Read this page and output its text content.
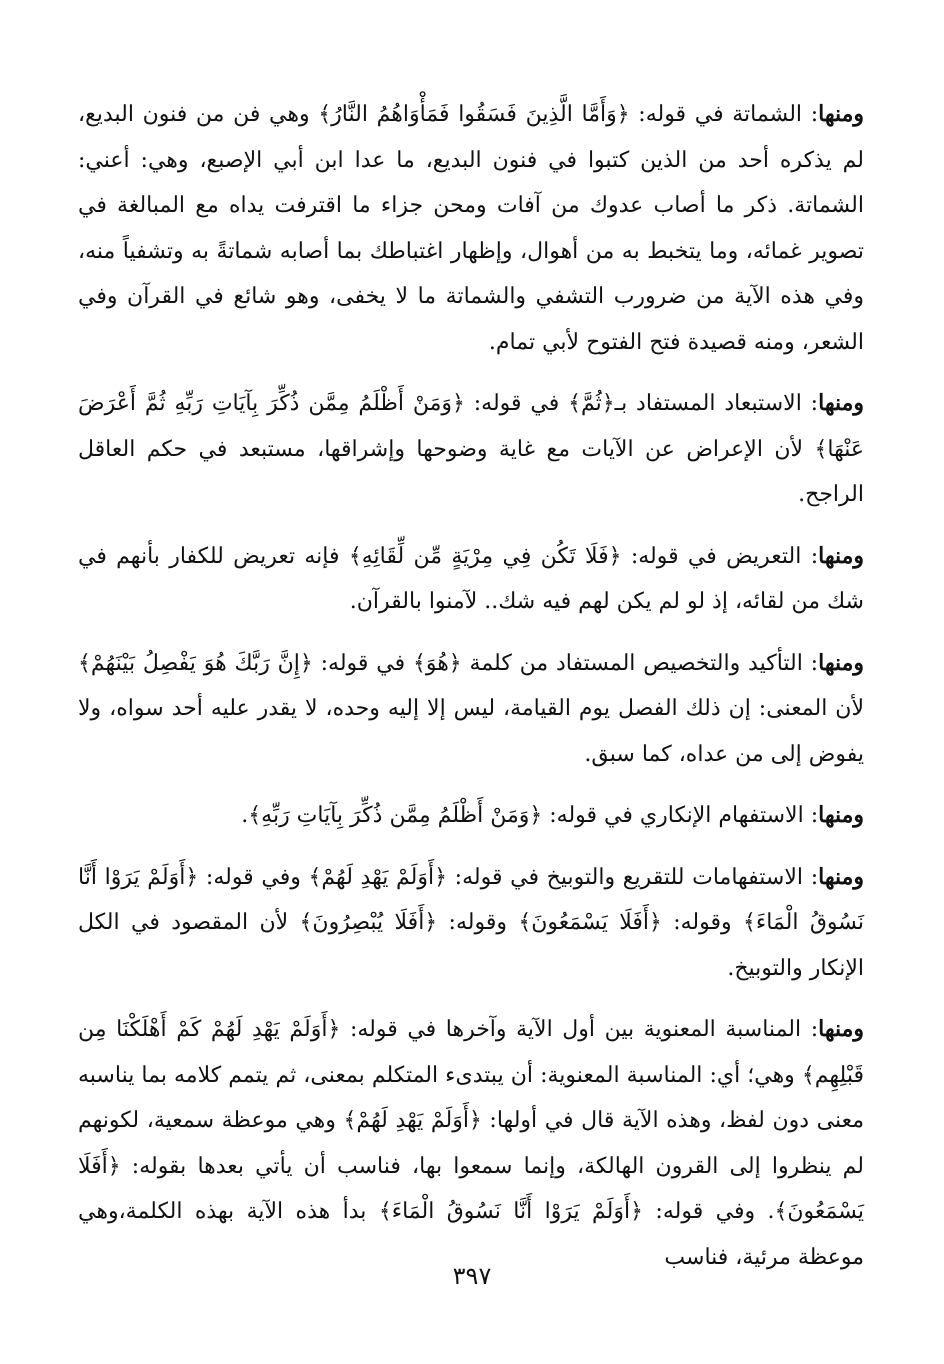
ومنها: الشماتة في قوله: ﴿وَأَمَّا الَّذِينَ فَسَقُوا فَمَأْوَاهُمُ النَّارُ﴾ وهي فن من فنون البديع، لم يذكره أحد من الذين كتبوا في فنون البديع، ما عدا ابن أبي الإصبع، وهي: أعني: الشماتة. ذكر ما أصاب عدوك من آفات ومحن جزاء ما اقترفت يداه مع المبالغة في تصوير غمائه، وما يتخبط به من أهوال، وإظهار اغتباطك بما أصابه شماتةً به وتشفياً منه، وفي هذه الآية من ضرورب التشفي والشماتة ما لا يخفى، وهو شائع في القرآن وفي الشعر، ومنه قصيدة فتح الفتوح لأبي تمام.

ومنها: الاستبعاد المستفاد بـ﴿ثُمَّ﴾ في قوله: ﴿وَمَنْ أَظْلَمُ مِمَّن ذُكِّرَ بِآيَاتِ رَبِّهِ ثُمَّ أَعْرَضَ عَنْهَا﴾ لأن الإعراض عن الآيات مع غاية وضوحها وإشراقها، مستبعد في حكم العاقل الراجح.

ومنها: التعريض في قوله: ﴿فَلَا تَكُن فِي مِرْيَةٍ مِّن لِّقَائِهِ﴾ فإنه تعريض للكفار بأنهم في شك من لقائه، إذ لو لم يكن لهم فيه شك.. لآمنوا بالقرآن.

ومنها: التأكيد والتخصيص المستفاد من كلمة ﴿هُوَ﴾ في قوله: ﴿إِنَّ رَبَّكَ هُوَ يَفْصِلُ بَيْنَهُمْ﴾ لأن المعنى: إن ذلك الفصل يوم القيامة، ليس إلا إليه وحده، لا يقدر عليه أحد سواه، ولا يفوض إلى من عداه، كما سبق.

ومنها: الاستفهام الإنكاري في قوله: ﴿وَمَنْ أَظْلَمُ مِمَّن ذُكِّرَ بِآيَاتِ رَبِّهِ﴾.

ومنها: الاستفهامات للتقريع والتوبيخ في قوله: ﴿أَوَلَمْ يَهْدِ لَهُمْ﴾ وفي قوله: ﴿أَوَلَمْ يَرَوْا أَنَّا نَسُوقُ الْمَاءَ﴾ وقوله: ﴿أَفَلَا يَسْمَعُونَ﴾ وقوله: ﴿أَفَلَا يُبْصِرُونَ﴾ لأن المقصود في الكل الإنكار والتوبيخ.

ومنها: المناسبة المعنوية بين أول الآية وآخرها في قوله: ﴿أَوَلَمْ يَهْدِ لَهُمْ كَمْ أَهْلَكْنَا مِن قَبْلِهِم﴾ وهي؛ أي: المناسبة المعنوية: أن يبتدىء المتكلم بمعنى، ثم يتمم كلامه بما يناسبه معنى دون لفظ، وهذه الآية قال في أولها: ﴿أَوَلَمْ يَهْدِ لَهُمْ﴾ وهي موعظة سمعية، لكونهم لم ينظروا إلى القرون الهالكة، وإنما سمعوا بها، فناسب أن يأتي بعدها بقوله: ﴿أَفَلَا يَسْمَعُونَ﴾. وفي قوله: ﴿أَوَلَمْ يَرَوْا أَنَّا نَسُوقُ الْمَاءَ﴾ بدأ هذه الآية بهذه الكلمة،وهي موعظة مرئية، فناسب

٣٩٧
